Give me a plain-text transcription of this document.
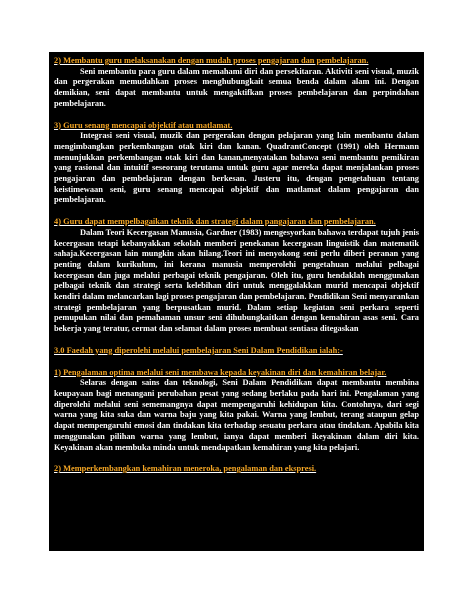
2) Membantu guru melaksanakan dengan mudah proses pengajaran dan pembelajaran.

Seni membantu para guru dalam memahami diri dan persekitaran. Aktiviti seni visual, muzik dan pergerakan memudahkan proses menghubungkait semua benda dalam alam ini. Dengan demikian, seni dapat membantu untuk mengaktifkan proses pembelajaran dan perpindahan pembelajaran.

3) Guru senang mencapai objektif atau matlamat.

Integrasi seni visual, muzik dan pergerakan dengan pelajaran yang lain membantu dalam mengimbangkan perkembangan otak kiri dan kanan. QuadrantConcept (1991) oleh Hermann menunjukkan perkembangan otak kiri dan kanan,menyatakan bahawa seni membantu pemikiran yang rasional dan intuitif seseorang terutama untuk guru agar mereka dapat menjalankan proses pengajaran dan pembelajaran dengan berkesan. Justeru itu, dengan pengetahuan tentang keistimewaan seni, guru senang mencapai objektif dan matlamat dalam pengajaran dan pembelajaran.

4) Guru dapat mempelbagaikan teknik dan strategi dalam pangajaran dan pembelajaran.

Dalam Teori Kecergasan Manusia, Gardner (1983) mengesyorkan bahawa terdapat tujuh jenis kecergasan tetapi kebanyakkan sekolah memberi penekanan kecergasan linguistik dan matematik sahaja.Kecergasan lain mungkin akan hilang.Teori ini menyokong seni perlu diberi peranan yang penting dalam kurikulum, ini kerana manusia memperolehi pengetahuan melalui pelbagai kecergasan dan juga melalui perbagai teknik pengajaran. Oleh itu, guru hendaklah menggunakan pelbagai teknik dan strategi serta kelebihan diri untuk menggalakkan murid mencapai objektif kendiri dalam melancarkan lagi proses pengajaran dan pembelajaran. Pendidikan Seni menyarankan strategi pembelajaran yang berpusatkan murid. Dalam setiap kegiatan seni perkara seperti pemupukan nilai dan pemahaman unsur seni dihubungkaitkan dengan kemahiran asas seni. Cara bekerja yang teratur, cermat dan selamat dalam proses membuat sentiasa ditegaskan

3.0 Faedah yang diperolehi melalui pembelajaran Seni Dalam Pendidikan ialah:-

1) Pengalaman optima melalui seni membawa kepada keyakinan diri dan kemahiran belajar.

Selaras dengan sains dan teknologi, Seni Dalam Pendidikan dapat membantu membina keupayaan bagi menangani perubahan pesat yang sedang berlaku pada hari ini. Pengalaman yang diperolehi melalui seni sememangnya dapat mempengaruhi kehidupan kita. Contohnya, dari segi warna yang kita suka dan warna baju yang kita pakai. Warna yang lembut, terang ataupun gelap dapat mempengaruhi emosi dan tindakan kita terhadap sesuatu perkara atau tindakan. Apabila kita menggunakan pilihan warna yang lembut, ianya dapat memberi ikeyakinan dalam diri kita. Keyakinan akan membuka minda untuk mendapatkan kemahiran yang kita pelajari.

2) Memperkembangkan kemahiran meneroka, pengalaman dan ekspresi.
